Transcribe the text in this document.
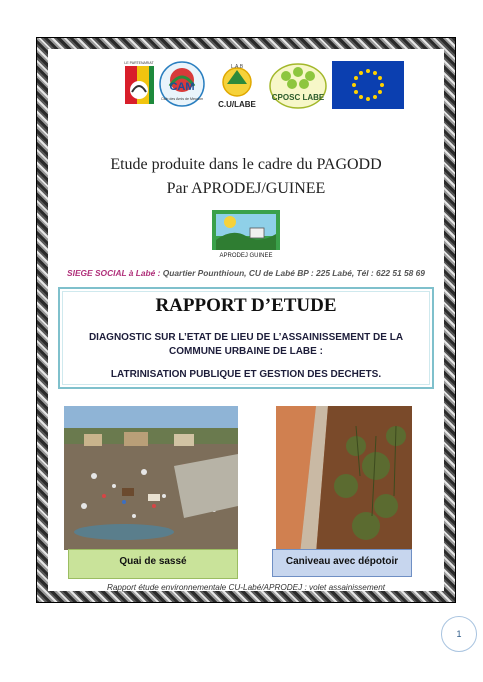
LE PARTENARIAT
CAM
Club des Amis de Meudon
L.A.B
C.U/LABE
CPOSC LABE
Etude produite dans le cadre du PAGODD
Par APRODEJ/GUINEE
APRODEJ GUINEE
SIEGE SOCIAL à Labé : Quartier Pounthioun, CU de Labé BP : 225 Labé, Tél : 622 51 58 69
RAPPORT D’ETUDE
DIAGNOSTIC SUR L’ETAT DE LIEU DE L’ASSAINISSEMENT DE LA COMMUNE URBAINE DE LABE :
LATRINISATION PUBLIQUE ET GESTION DES DECHETS.
Quai de sassé	Caniveau avec dépotoir
Rapport étude environnementale CU-Labé/APRODEJ : volet assainissement
1
